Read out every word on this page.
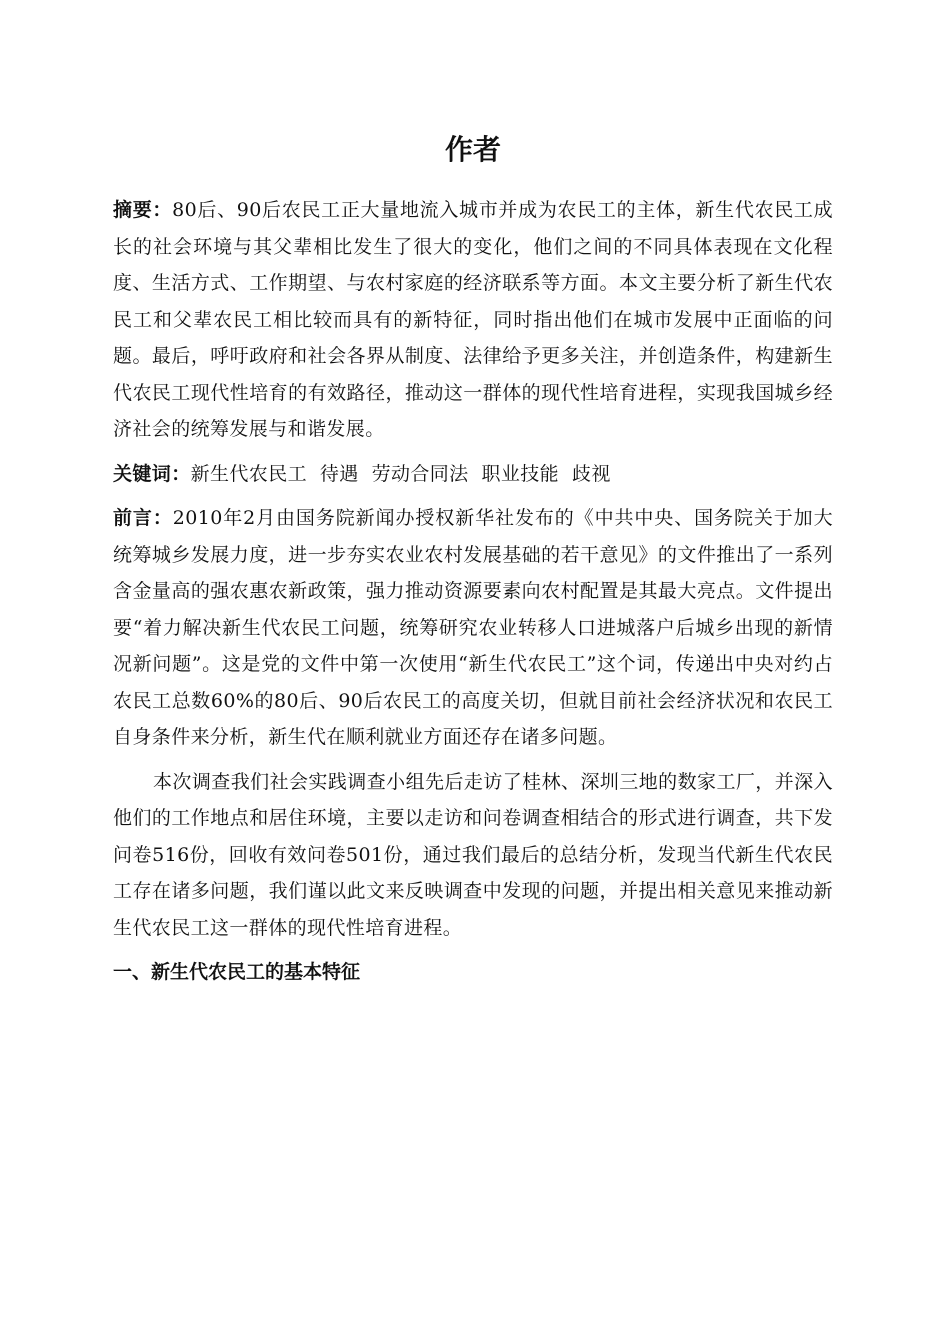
作者

摘要：80后、90后农民工正大量地流入城市并成为农民工的主体，新生代农民工成长的社会环境与其父辈相比发生了很大的变化，他们之间的不同具体表现在文化程度、生活方式、工作期望、与农村家庭的经济联系等方面。本文主要分析了新生代农民工和父辈农民工相比较而具有的新特征，同时指出他们在城市发展中正面临的问题。最后，呼吁政府和社会各界从制度、法律给予更多关注，并创造条件，构建新生代农民工现代性培育的有效路径，推动这一群体的现代性培育进程，实现我国城乡经济社会的统筹发展与和谐发展。

关键词：新生代农民工  待遇  劳动合同法  职业技能  歧视

前言：2010年2月由国务院新闻办授权新华社发布的《中共中央、国务院关于加大统筹城乡发展力度，进一步夯实农业农村发展基础的若干意见》的文件推出了一系列含金量高的强农惠农新政策，强力推动资源要素向农村配置是其最大亮点。文件提出要“着力解决新生代农民工问题，统筹研究农业转移人口进城落户后城乡出现的新情况新问题”。这是党的文件中第一次使用“新生代农民工”这个词，传递出中央对约占农民工总数60%的80后、90后农民工的高度关切，但就目前社会经济状况和农民工自身条件来分析，新生代在顺利就业方面还存在诸多问题。

本次调查我们社会实践调查小组先后走访了桂林、深圳三地的数家工厂，并深入他们的工作地点和居住环境，主要以走访和问卷调查相结合的形式进行调查，共下发问卷516份，回收有效问卷501份，通过我们最后的总结分析，发现当代新生代农民工存在诸多问题，我们谨以此文来反映调查中发现的问题，并提出相关意见来推动新生代农民工这一群体的现代性培育进程。

一、新生代农民工的基本特征
